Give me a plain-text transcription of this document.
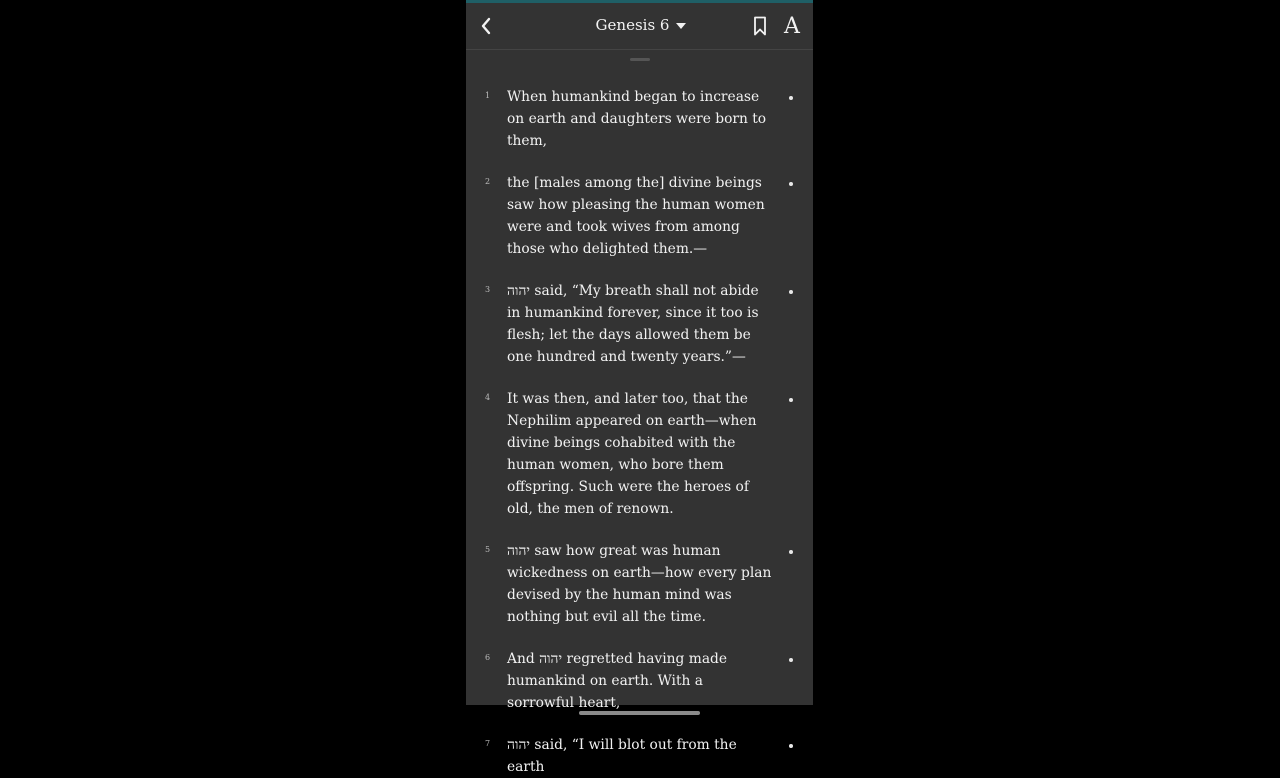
Genesis 6	A
1	When humankind began to increase on earth and daughters were born to them,
2	the [males among the] divine beings saw how pleasing the human women were and took wives from among those who delighted them.—
3	יהוה said, “My breath shall not abide in humankind forever, since it too is flesh; let the days allowed them be one hundred and twenty years.”—
4	It was then, and later too, that the Nephilim appeared on earth—when divine beings cohabited with the human women, who bore them offspring. Such were the heroes of old, the men of renown.
5	יהוה saw how great was human wickedness on earth—how every plan devised by the human mind was nothing but evil all the time.
6	And יהוה regretted having made humankind on earth. With a sorrowful heart,
7	יהוה said, “I will blot out from the earth
